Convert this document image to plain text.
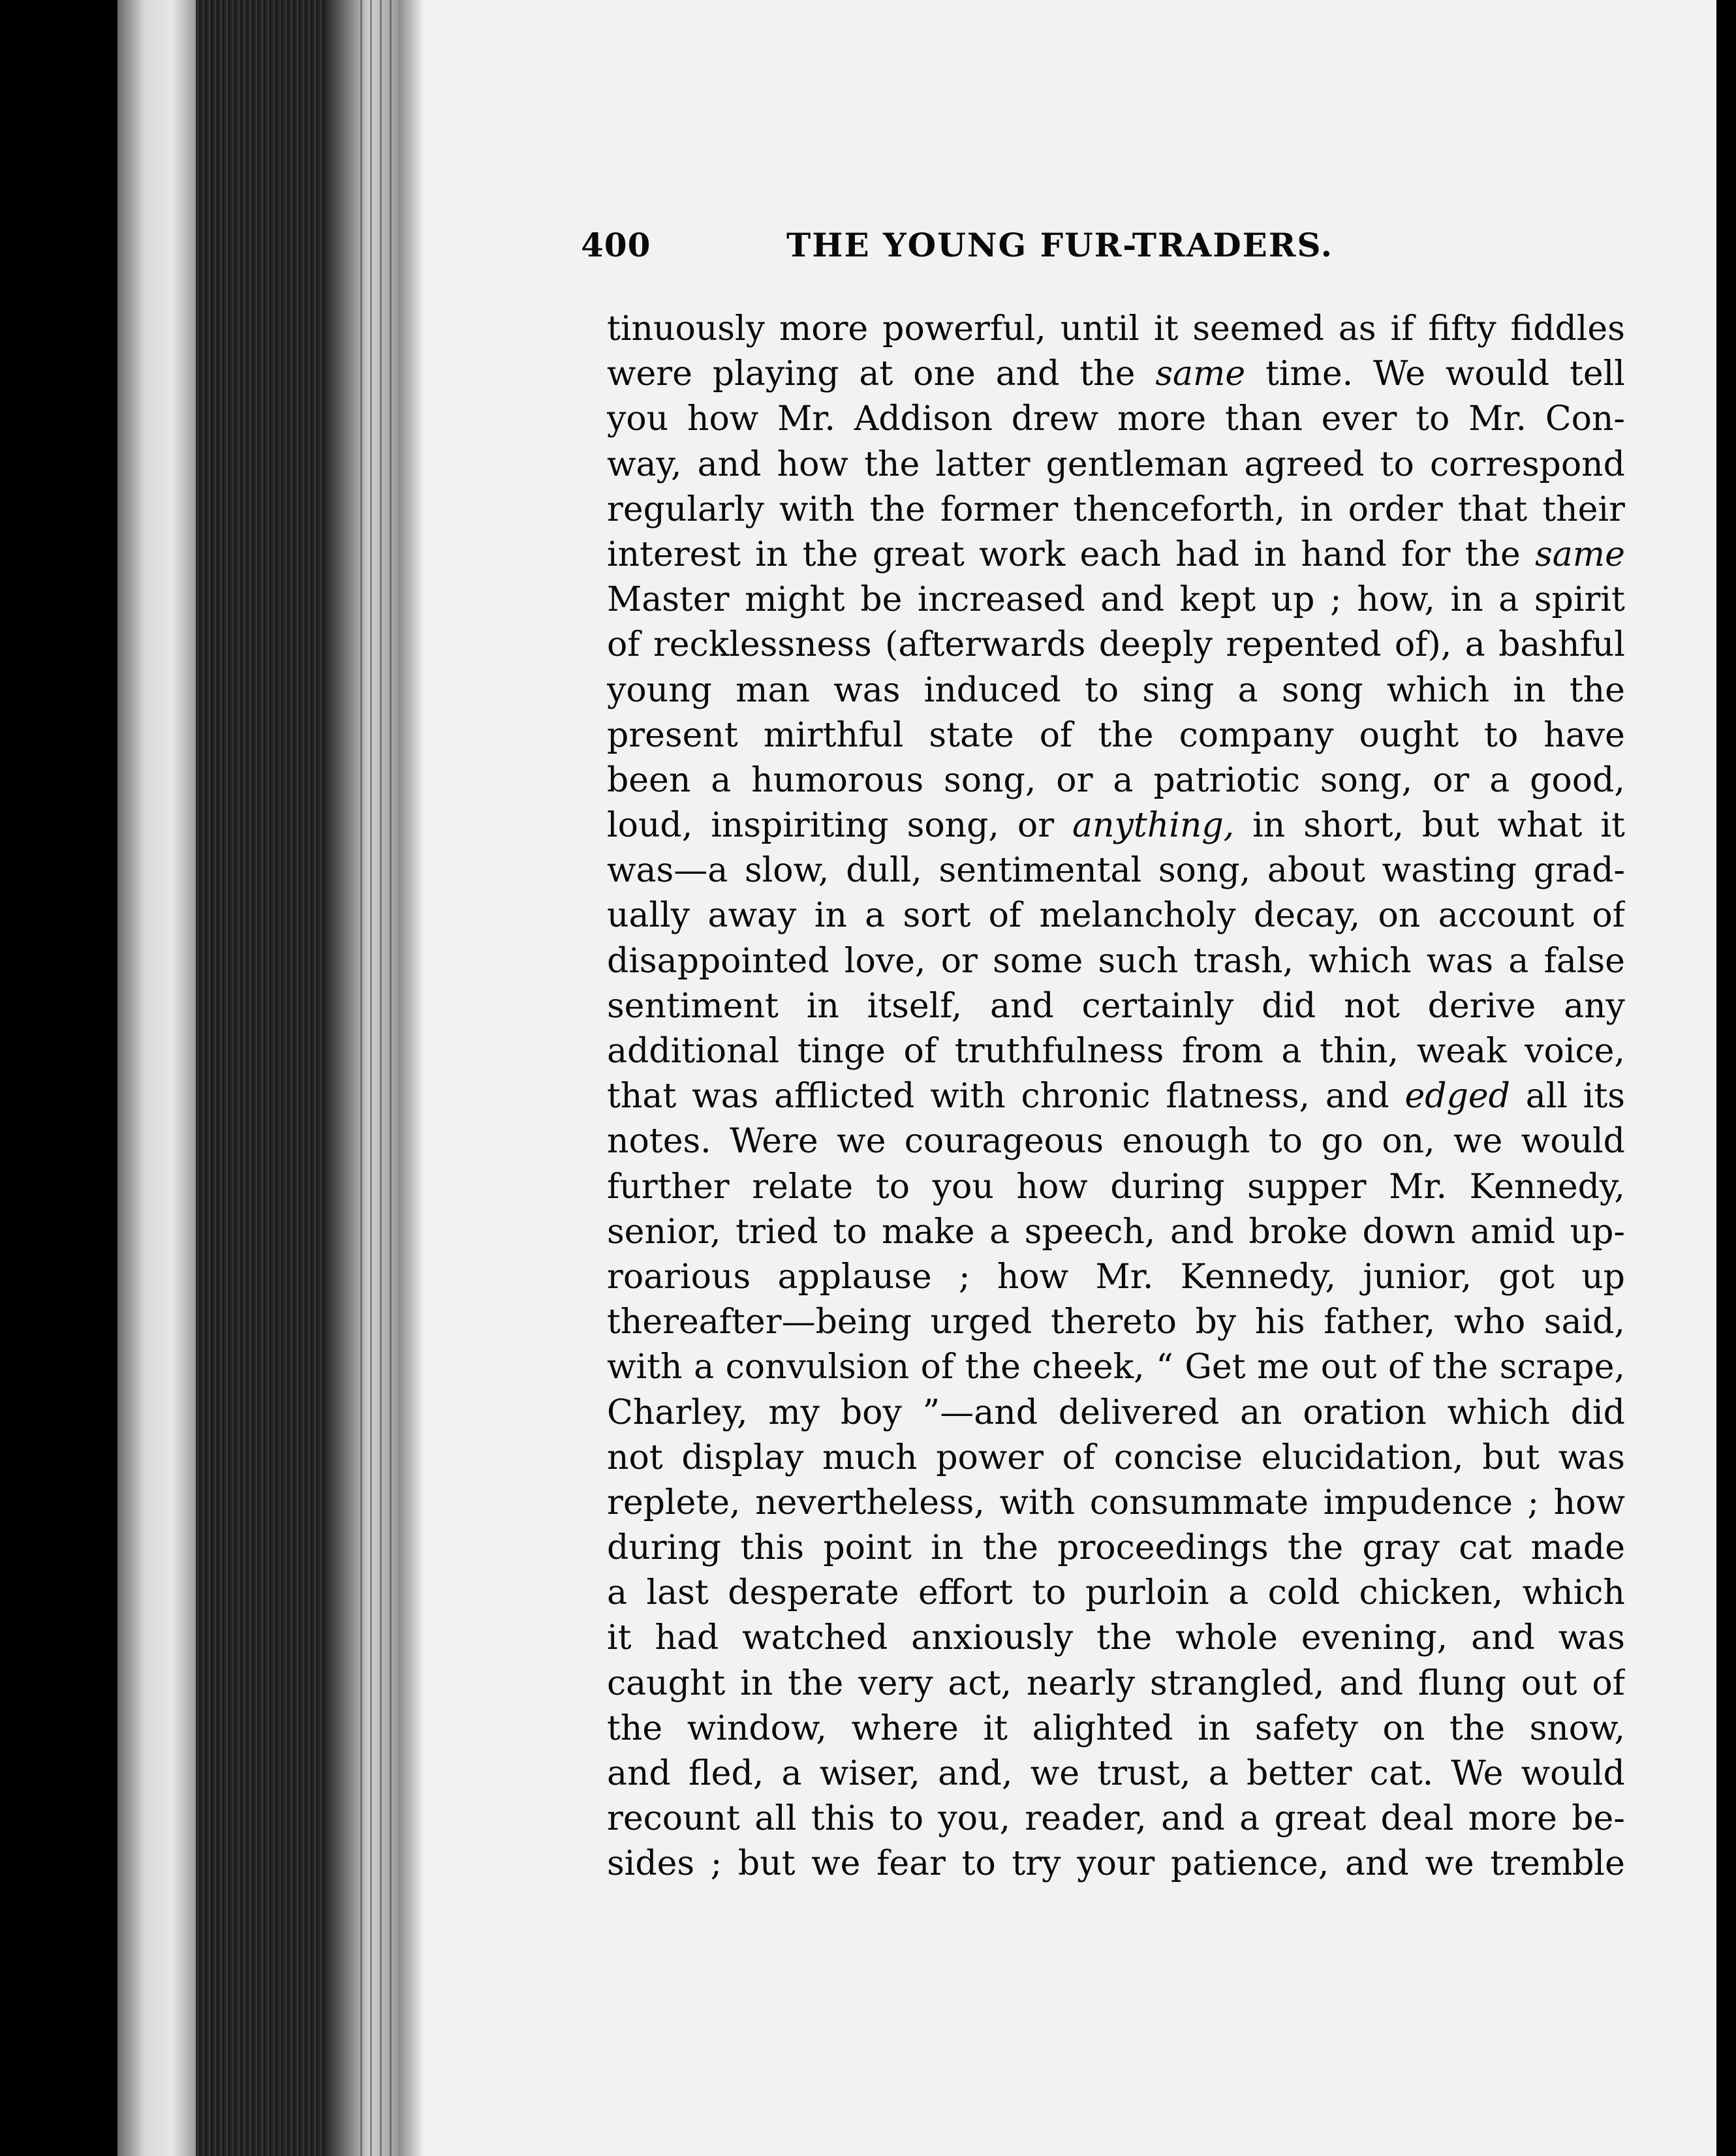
400	THE YOUNG FUR-TRADERS.
tinuously more powerful, until it seemed as if fifty fiddles
were playing at one and the same time. We would tell
you how Mr. Addison drew more than ever to Mr. Con-
way, and how the latter gentleman agreed to correspond
regularly with the former thenceforth, in order that their
interest in the great work each had in hand for the same
Master might be increased and kept up ; how, in a spirit
of recklessness (afterwards deeply repented of), a bashful
young man was induced to sing a song which in the
present mirthful state of the company ought to have
been a humorous song, or a patriotic song, or a good,
loud, inspiriting song, or anything, in short, but what it
was—a slow, dull, sentimental song, about wasting grad-
ually away in a sort of melancholy decay, on account of
disappointed love, or some such trash, which was a false
sentiment in itself, and certainly did not derive any
additional tinge of truthfulness from a thin, weak voice,
that was afflicted with chronic flatness, and edged all its
notes. Were we courageous enough to go on, we would
further relate to you how during supper Mr. Kennedy,
senior, tried to make a speech, and broke down amid up-
roarious applause ; how Mr. Kennedy, junior, got up
thereafter—being urged thereto by his father, who said,
with a convulsion of the cheek, “ Get me out of the scrape,
Charley, my boy ”—and delivered an oration which did
not display much power of concise elucidation, but was
replete, nevertheless, with consummate impudence ; how
during this point in the proceedings the gray cat made
a last desperate effort to purloin a cold chicken, which
it had watched anxiously the whole evening, and was
caught in the very act, nearly strangled, and flung out of
the window, where it alighted in safety on the snow,
and fled, a wiser, and, we trust, a better cat. We would
recount all this to you, reader, and a great deal more be-
sides ; but we fear to try your patience, and we tremble
